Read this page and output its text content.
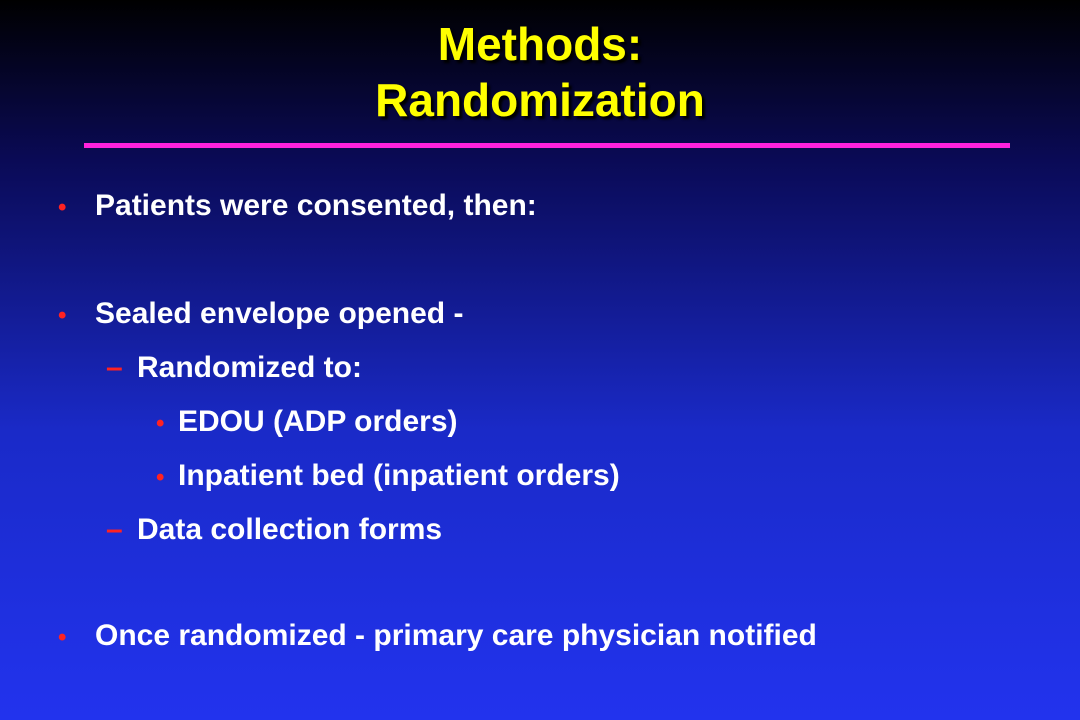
Methods:
Randomization
• Patients were consented, then:
• Sealed envelope opened -
– Randomized to:
• EDOU (ADP orders)
• Inpatient bed (inpatient orders)
– Data collection forms
• Once randomized - primary care physician notified
